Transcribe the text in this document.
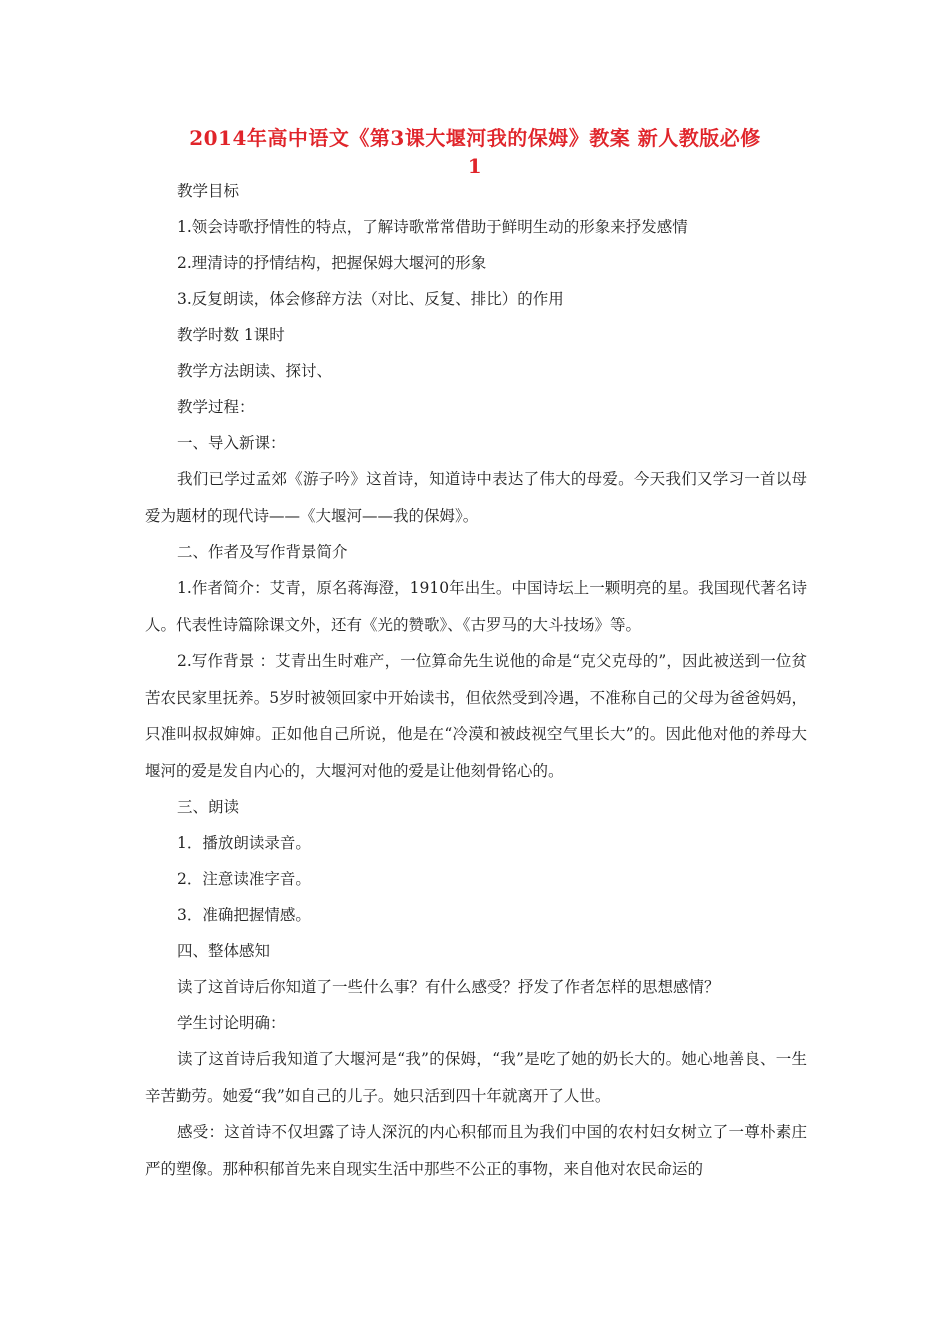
2014年高中语文《第3课大堰河我的保姆》教案 新人教版必修
1

教学目标

1.领会诗歌抒情性的特点，了解诗歌常常借助于鲜明生动的形象来抒发感情

2.理清诗的抒情结构，把握保姆大堰河的形象

3.反复朗读，体会修辞方法（对比、反复、排比）的作用

教学时数 1课时

教学方法朗读、探讨、

教学过程：

一、导入新课：

我们已学过孟郊《游子吟》这首诗，知道诗中表达了伟大的母爱。今天我们又学习一首以母爱为题材的现代诗——《大堰河——我的保姆》。

二、作者及写作背景简介

1.作者简介：艾青，原名蒋海澄，1910年出生。中国诗坛上一颗明亮的星。我国现代著名诗人。代表性诗篇除课文外，还有《光的赞歌》、《古罗马的大斗技场》等。

2.写作背景 ：艾青出生时难产，一位算命先生说他的命是“克父克母的”，因此被送到一位贫苦农民家里抚养。5岁时被领回家中开始读书，但依然受到冷遇，不准称自己的父母为爸爸妈妈，只准叫叔叔婶婶。正如他自己所说，他是在“冷漠和被歧视空气里长大”的。因此他对他的养母大堰河的爱是发自内心的，大堰河对他的爱是让他刻骨铭心的。

三、朗读

1．播放朗读录音。

2．注意读准字音。

3．准确把握情感。

四、整体感知

读了这首诗后你知道了一些什么事？有什么感受？抒发了作者怎样的思想感情？

学生讨论明确：

读了这首诗后我知道了大堰河是“我”的保姆，“我”是吃了她的奶长大的。她心地善良、一生辛苦勤劳。她爱“我”如自己的儿子。她只活到四十年就离开了人世。

感受：这首诗不仅坦露了诗人深沉的内心积郁而且为我们中国的农村妇女树立了一尊朴素庄严的塑像。那种积郁首先来自现实生活中那些不公正的事物，来自他对农民命运的
